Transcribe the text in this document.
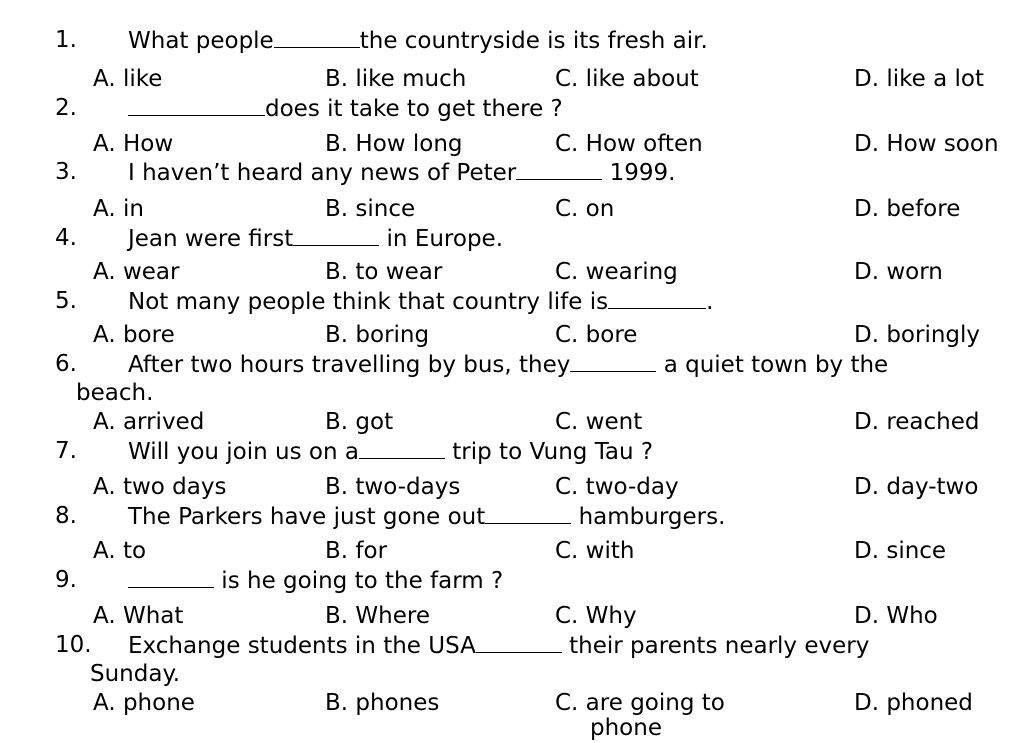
1. What people	the countryside is its fresh air.
A. like	B. like much	C. like about	D. like a lot
2.	does it take to get there ?
A. How	B. How long	C. How often	D. How soon
3. I haven’t heard any news of Peter	1999.
A. in	B. since	C. on	D. before
4. Jean were first	in Europe.
A. wear	B. to wear	C. wearing	D. worn
5. Not many people think that country life is	.
A. bore	B. boring	C. bore	D. boringly
6. After two hours travelling by bus, they	a quiet town by the
beach.
A. arrived	B. got	C. went	D. reached
7. Will you join us on a	trip to Vung Tau ?
A. two days	B. two-days	C. two-day	D. day-two
8. The Parkers have just gone out	hamburgers.
A. to	B. for	C. with	D. since
9.	is he going to the farm ?
A. What	B. Where	C. Why	D. Who
10. Exchange students in the USA	their parents nearly every
Sunday.
A. phone	B. phones	C. are going to	D. phoned
phone
